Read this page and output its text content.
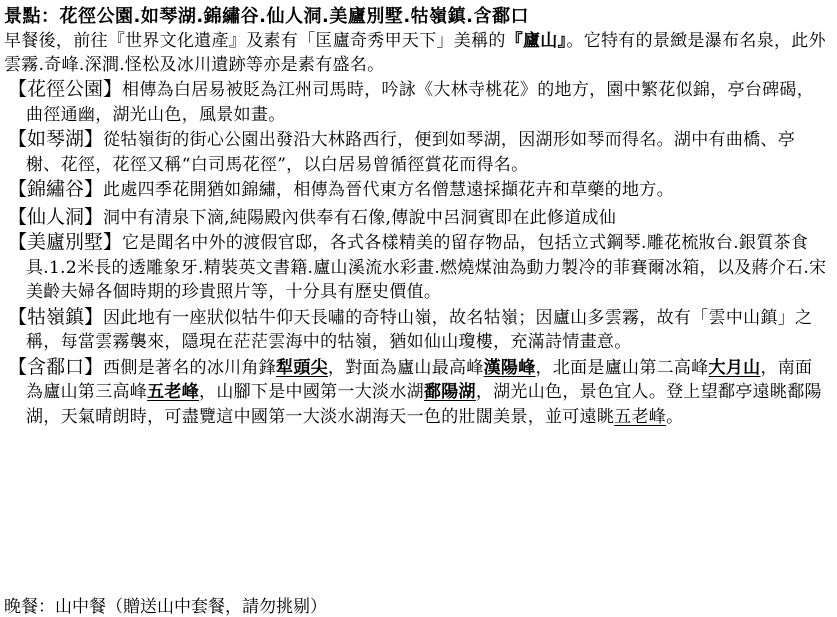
景點：花徑公園.如琴湖.錦繡谷.仙人洞.美廬別墅.牯嶺鎮.含鄱口

早餐後，前往『世界文化遺產』及素有「匡廬奇秀甲天下」美稱的『廬山』。它特有的景緻是瀑布名泉，此外雲霧.奇峰.深澗.怪松及冰川遺跡等亦是素有盛名。

【花徑公園】相傳為白居易被貶為江州司馬時，吟詠《大林寺桃花》的地方，園中繁花似錦，亭台碑碣，曲徑通幽，湖光山色，風景如畫。

【如琴湖】從牯嶺街的街心公園出發沿大林路西行，便到如琴湖，因湖形如琴而得名。湖中有曲橋、亭榭、花徑，花徑又稱“白司馬花徑”，以白居易曾循徑賞花而得名。

【錦繡谷】此處四季花開猶如錦繡，相傳為晉代東方名僧慧遠採擷花卉和草藥的地方。

【仙人洞】洞中有清泉下滴,純陽殿內供奉有石像,傳說中呂洞賓即在此修道成仙

【美廬別墅】它是聞名中外的渡假官邸，各式各樣精美的留存物品，包括立式鋼琴.雕花梳妝台.銀質茶食具.1.2米長的透雕象牙.精裝英文書籍.廬山溪流水彩畫.燃燒煤油為動力製冷的菲賽爾冰箱，以及蔣介石.宋美齡夫婦各個時期的珍貴照片等，十分具有歷史價值。

【牯嶺鎮】因此地有一座狀似牯牛仰天長嘯的奇特山嶺，故名牯嶺；因廬山多雲霧，故有「雲中山鎮」之稱，每當雲霧襲來，隱現在茫茫雲海中的牯嶺，猶如仙山瓊樓，充滿詩情畫意。

【含鄱口】西側是著名的冰川角鋒犁頭尖，對面為廬山最高峰漢陽峰，北面是廬山第二高峰大月山，南面為廬山第三高峰五老峰，山腳下是中國第一大淡水湖鄱陽湖，湖光山色，景色宜人。登上望鄱亭遠眺鄱陽湖，天氣晴朗時，可盡覽這中國第一大淡水湖海天一色的壯闊美景，並可遠眺五老峰。

晚餐：山中餐（贈送山中套餐，請勿挑剔）
